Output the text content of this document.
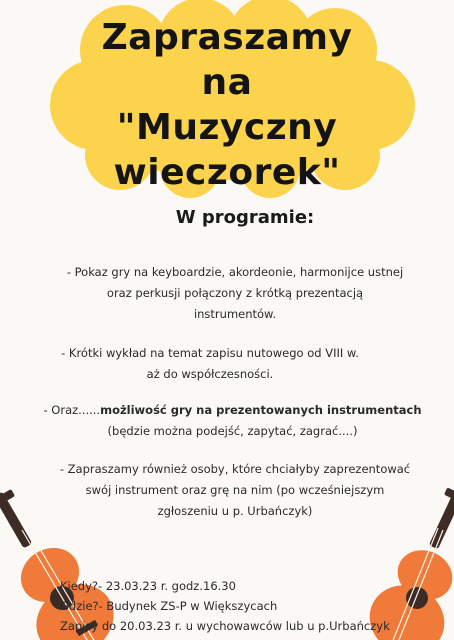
Zapraszamy
na
"Muzyczny
wieczorek"
W programie:
- Pokaz gry na keyboardzie, akordeonie, harmonijce ustnej
oraz perkusji połączony z krótką prezentacją
instrumentów.
- Krótki wykład na temat zapisu nutowego od VIII w.
aż do współczesności.
- Oraz......możliwość gry na prezentowanych instrumentach
(będzie można podejść, zapytać, zagrać....)
- Zapraszamy również osoby, które chciałyby zaprezentować
swój instrument oraz grę na nim (po wcześniejszym
zgłoszeniu u p. Urbańczyk)
Kiedy?- 23.03.23 r. godz.16.30
Gdzie?- Budynek ZS-P w Większycach
Zapisy do 20.03.23 r. u wychowawców lub u p.Urbańczyk
